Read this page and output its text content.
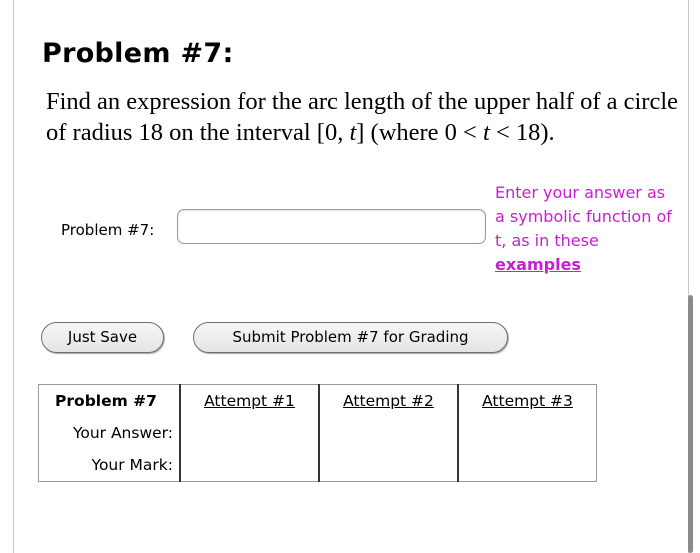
Problem #7:

Find an expression for the arc length of the upper half of a circle of radius 18 on the interval [0, t] (where 0 < t < 18).

Problem #7:
Enter your answer as a symbolic function of t, as in these examples
Just Save	Submit Problem #7 for Grading
Problem #7	Attempt #1	Attempt #2	Attempt #3

Your Answer:			
Your Mark:			
